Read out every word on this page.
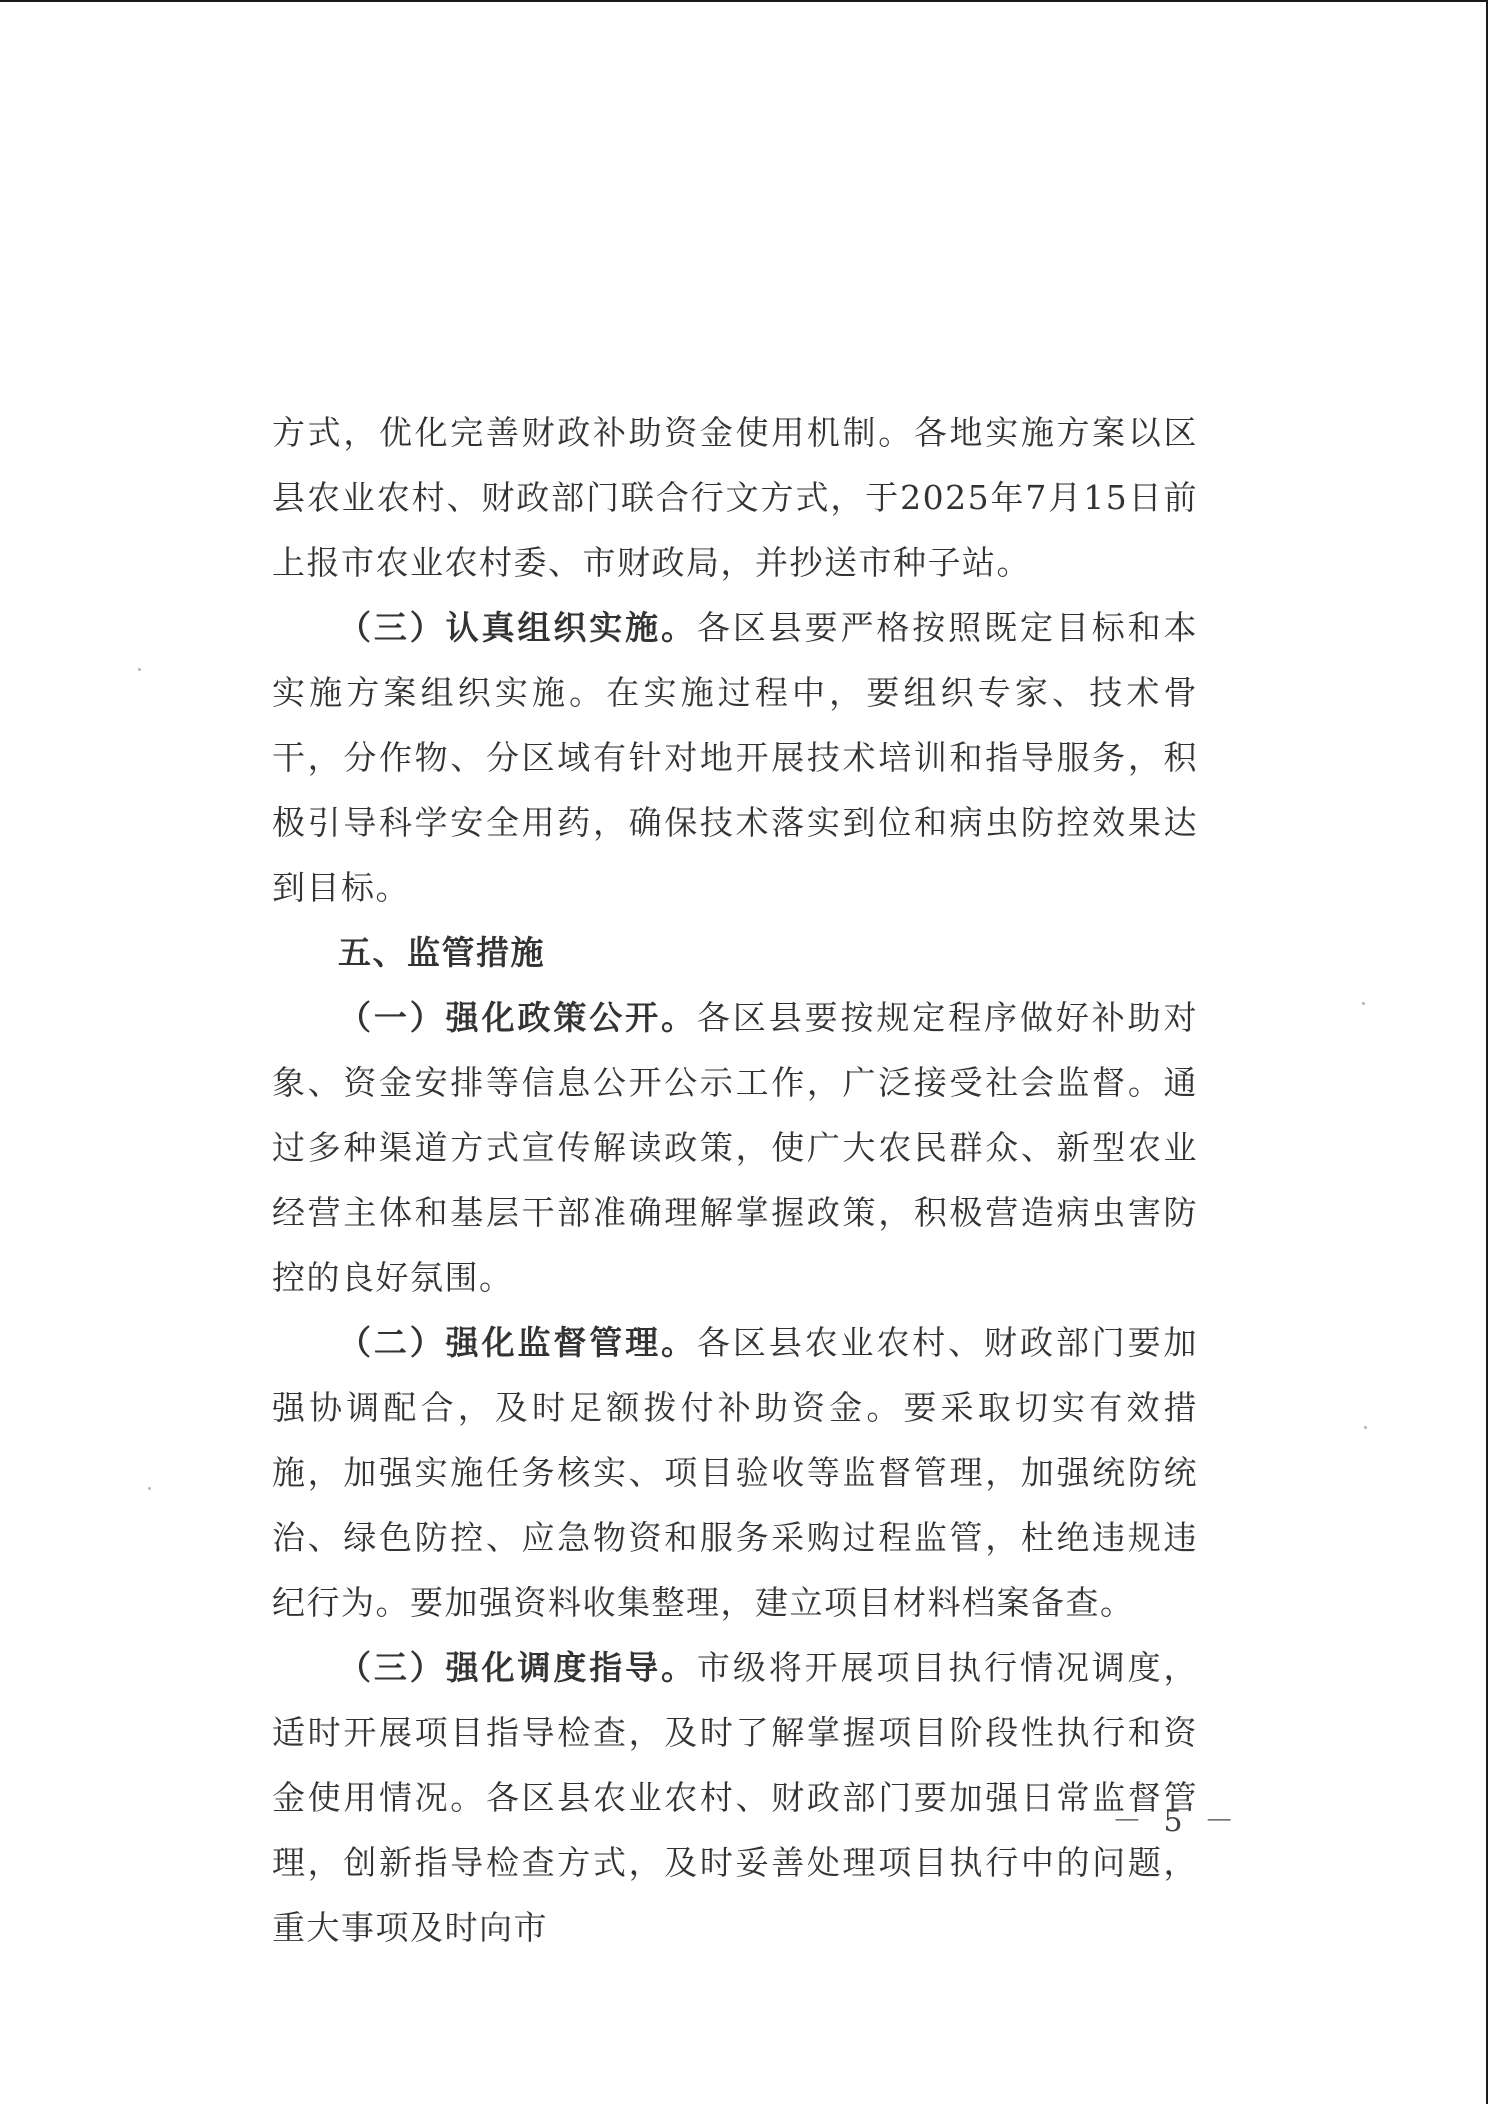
方式，优化完善财政补助资金使用机制。各地实施方案以区县农业农村、财政部门联合行文方式，于2025年7月15日前上报市农业农村委、市财政局，并抄送市种子站。

（三）认真组织实施。各区县要严格按照既定目标和本实施方案组织实施。在实施过程中，要组织专家、技术骨干，分作物、分区域有针对地开展技术培训和指导服务，积极引导科学安全用药，确保技术落实到位和病虫防控效果达到目标。

五、监管措施

（一）强化政策公开。各区县要按规定程序做好补助对象、资金安排等信息公开公示工作，广泛接受社会监督。通过多种渠道方式宣传解读政策，使广大农民群众、新型农业经营主体和基层干部准确理解掌握政策，积极营造病虫害防控的良好氛围。

（二）强化监督管理。各区县农业农村、财政部门要加强协调配合，及时足额拨付补助资金。要采取切实有效措施，加强实施任务核实、项目验收等监督管理，加强统防统治、绿色防控、应急物资和服务采购过程监管，杜绝违规违纪行为。要加强资料收集整理，建立项目材料档案备查。

（三）强化调度指导。市级将开展项目执行情况调度，适时开展项目指导检查，及时了解掌握项目阶段性执行和资金使用情况。各区县农业农村、财政部门要加强日常监督管理，创新指导检查方式，及时妥善处理项目执行中的问题，重大事项及时向市

－ 5 －
